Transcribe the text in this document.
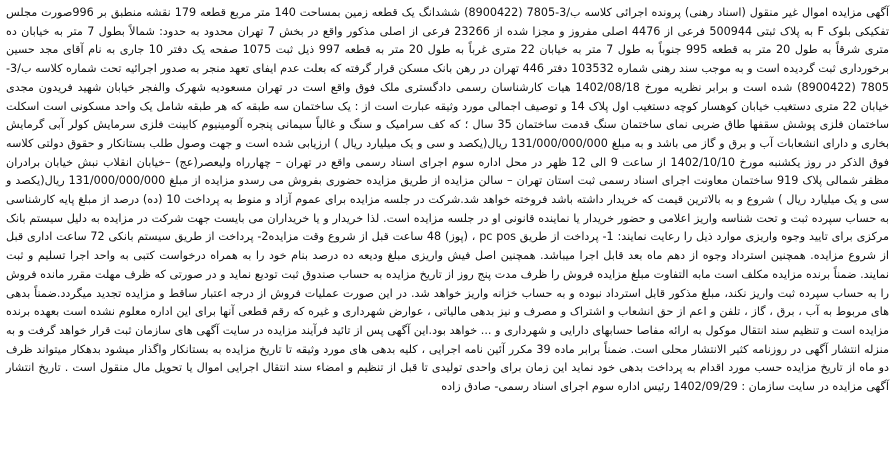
آگهی مزایده اموال غیر منقول (اسناد رهنی) پرونده اجرائی کلاسه ب/3-7805 (8900422) ششدانگ یک قطعه زمین بمساحت 140 متر مربع قطعه 179 نقشه منطبق بر 996صورت مجلس تفکیکی بلوک F به پلاک ثبتی 500944 فرعی از 4476 اصلی مفروز و مجزا شده از 23266 فرعی از اصلی مذکور واقع در بخش 7 تهران محدود به حدود: شمالاً بطول 7 متر به خیابان ده متری شرقاً به طول 20 متر به قطعه 995 جنوباً به طول 7 متر به خیابان 22 متری غرباً به طول 20 متر به قطعه 997 ذیل ثبت 1075 صفحه یک دفتر 10 جاری به نام آقای مجد حسین برخورداری ثبت گردیده است و به موجب سند رهنی شماره 103532 دفتر 446 تهران در رهن بانک مسکن قرار گرفته که بعلت عدم ایفای تعهد منجر به صدور اجرائیه تحت شماره کلاسه ب/3-7805 (8900422) شده است و برابر نظریه مورخ 1402/08/18 هیات کارشناسان رسمی دادگستری ملک فوق واقع است در تهران مسعودیه شهرک والفجر خیابان شهید فریدون مجدی خیابان 22 متری دستغیب خیابان کوهسار کوچه دستغیب اول پلاک 14 و توصیف اجمالی مورد وثیقه عبارت است از : یک ساختمان سه طبقه که هر طبقه شامل یک واحد مسکونی است اسکلت ساختمان فلزی پوشش سقفها طاق ضربی نمای ساختمان سنگ قدمت ساختمان 35 سال ؛ که کف سرامیک و سنگ و غالباً سیمانی پنجره آلومینیوم کابینت فلزی سرمایش کولر آبی گرمایش بخاری و دارای انشعابات آب و برق و گاز می باشد و به مبلغ 131/000/000/000 ریال(یکصد و سی و یک میلیارد ریال ) ارزیابی شده است و جهت وصول طلب بستانکار و حقوق دولتی کلاسه فوق الذکر در روز یکشنبه مورخ 1402/10/10 از ساعت 9 الی 12 ظهر در محل اداره سوم اجرای اسناد رسمی واقع در تهران – چهارراه ولیعصر(عج) –خیابان انقلاب نبش خیابان برادران مظفر شمالی پلاک 919 ساختمان معاونت اجرای اسناد رسمی ثبت استان تهران – سالن مزایده از طریق مزایده حضوری بفروش می رسدو مزایده از مبلغ 131/000/000/000 ریال(یکصد و سی و یک میلیارد ریال ) شروع و به بالاترین قیمت که خریدار داشته باشد فروخته خواهد شد.شرکت در جلسه مزایده برای عموم آزاد و منوط به پرداخت 10 (ده) درصد از مبلغ پایه کارشناسی به حساب سپرده ثبت و تحت شناسه واریز اعلامی و حضور خریدار یا نماینده قانونی او در جلسه مزایده است. لذا خریدار و یا خریداران می بایست جهت شرکت در مزایده به دلیل سیستم بانک مرکزی برای تایید وجوه واریزی موارد ذیل را رعایت نمایند: 1- پرداخت از طریق pc pos ، (پوز) 48 ساعت قبل از شروع وقت مزایده2- پرداخت از طریق سیستم بانکی 72 ساعت اداری قبل از شروع مزایده. همچنین استرداد وجوه از دهم ماه بعد قابل اجرا میباشد. همچنین اصل فیش واریزی مبلغ ودیعه ده درصد بنام خود را به همراه درخواست کتبی به واحد اجرا تسلیم و ثبت نمایند. ضمناً برنده مزایده مکلف است مابه التفاوت مبلغ مزایده فروش را ظرف مدت پنج روز از تاریخ مزایده به حساب صندوق ثبت تودیع نماید و در صورتی که ظرف مهلت مقرر مانده فروش را به حساب سپرده ثبت واریز نکند، مبلغ مذکور قابل استرداد نبوده و به حساب خزانه واریز خواهد شد. در این صورت عملیات فروش از درجه اعتبار ساقط و مزایده تجدید میگردد.ضمناً بدهی های مربوط به آب ، برق ، گاز ، تلفن و اعم از حق انشعاب و اشتراک و مصرف و نیز بدهی مالیاتی ، عوارض شهرداری و غیره که رقم قطعی آنها برای این اداره معلوم نشده است بعهده برنده مزایده است و تنظیم سند انتقال موکول به ارائه مفاصا حسابهای دارایی و شهرداری و ... خواهد بود.این آگهی پس از تائید فرآیند مزایده در سایت آگهی های سازمان ثبت قرار خواهد گرفت و به منزله انتشار آگهی در روزنامه کثیر الانتشار محلی است. ضمناً برابر ماده 39 مکرر آئین نامه اجرایی ، کلیه بدهی های مورد وثیقه تا تاریخ مزایده به بستانکار واگذار میشود بدهکار میتواند ظرف دو ماه از تاریخ مزایده حسب مورد اقدام به پرداخت بدهی خود نماید این زمان برای واحدی تولیدی تا قبل از تنظیم و امضاء سند انتقال اجرایی اموال یا تحویل مال منقول است . تاریخ انتشار آگهی مزایده در سایت سازمان : 1402/09/29 رئیس اداره سوم اجرای اسناد رسمی- صادق زاده
